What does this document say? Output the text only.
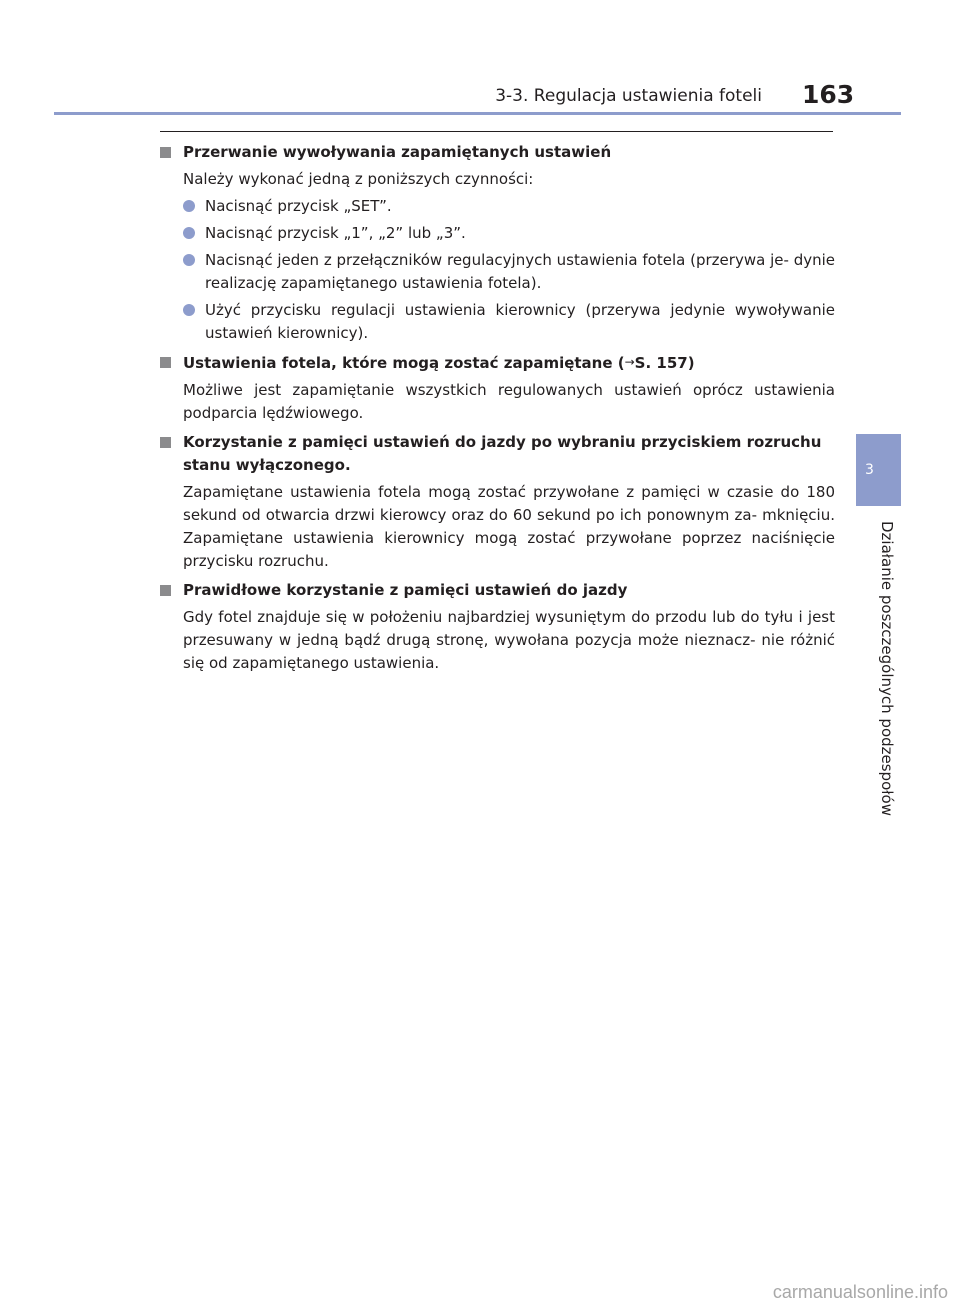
3-3. Regulacja ustawienia foteli 163
Przerwanie wywoływania zapamiętanych ustawień
Należy wykonać jedną z poniższych czynności:
Nacisnąć przycisk „SET”.
Nacisnąć przycisk „1”, „2” lub „3”.
Nacisnąć jeden z przełączników regulacyjnych ustawienia fotela (przerywa je- dynie realizację zapamiętanego ustawienia fotela).
Użyć przycisku regulacji ustawienia kierownicy (przerywa jedynie wywoływanie ustawień kierownicy).
Ustawienia fotela, które mogą zostać zapamiętane (→S. 157)
Możliwe jest zapamiętanie wszystkich regulowanych ustawień oprócz ustawienia podparcia lędźwiowego.
Korzystanie z pamięci ustawień do jazdy po wybraniu przyciskiem rozruchu stanu wyłączonego.
Zapamiętane ustawienia fotela mogą zostać przywołane z pamięci w czasie do 180 sekund od otwarcia drzwi kierowcy oraz do 60 sekund po ich ponownym za- mknięciu. Zapamiętane ustawienia kierownicy mogą zostać przywołane poprzez naciśnięcie przycisku rozruchu.
Prawidłowe korzystanie z pamięci ustawień do jazdy
Gdy fotel znajduje się w położeniu najbardziej wysuniętym do przodu lub do tyłu i jest przesuwany w jedną bądź drugą stronę, wywołana pozycja może nieznacz- nie różnić się od zapamiętanego ustawienia.
3
Działanie poszczególnych podzespołów
carmanualsonline.info
